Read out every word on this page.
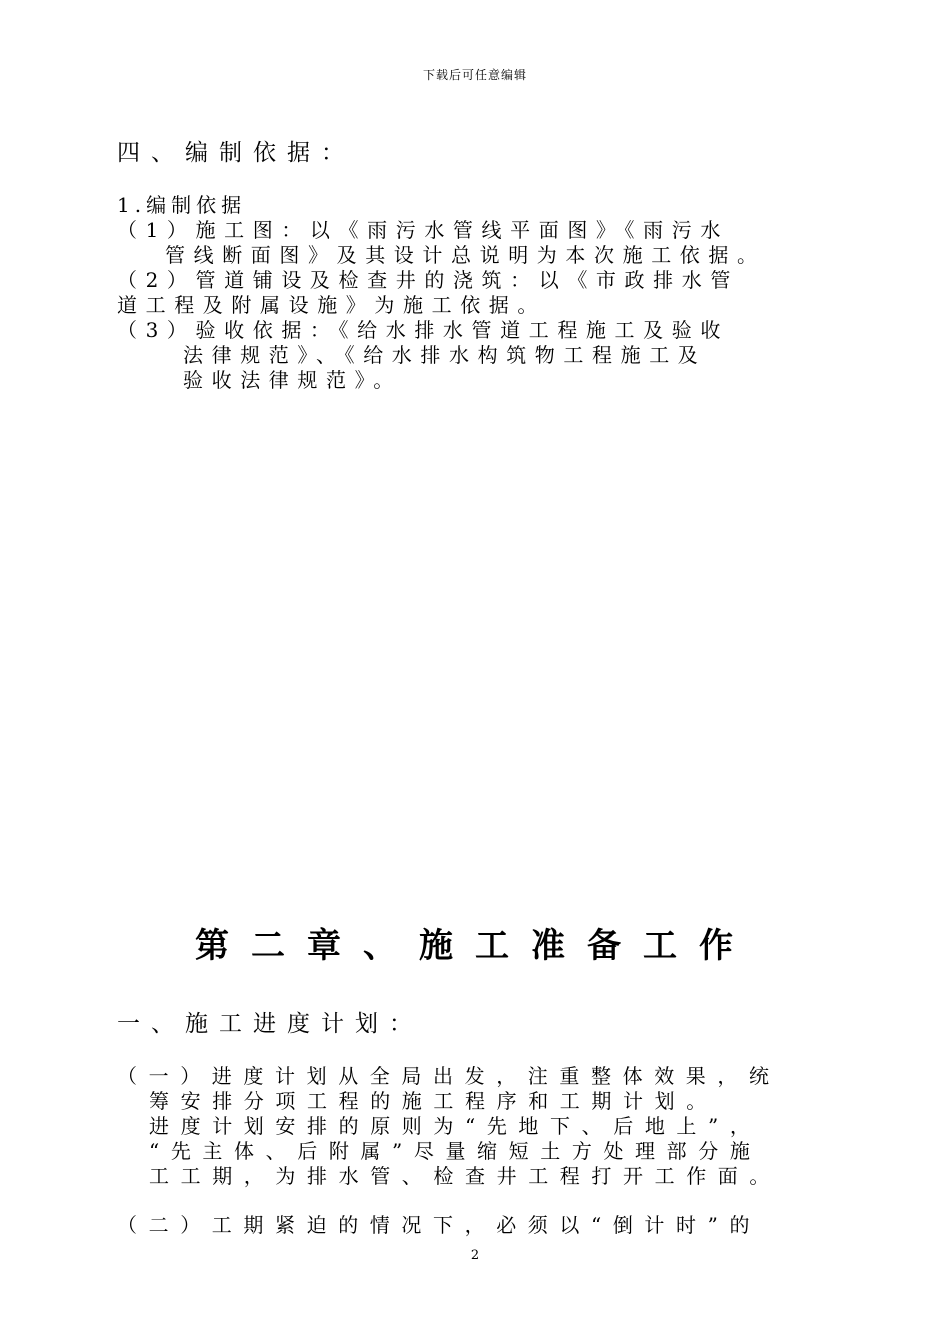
下载后可任意编辑
四、编制依据：
1.编制依据
（1）施工图：以《雨污水管线平面图》《雨污水
管线断面图》及其设计总说明为本次施工依据。
（2）管道铺设及检查井的浇筑：以《市政排水管
道工程及附属设施》为施工依据。
（3）验收依据：《给水排水管道工程施工及验收
法律规范》、《给水排水构筑物工程施工及
验收法律规范》。
第二章、施工准备工作
一、施工进度计划：
（一）进度计划从全局出发，注重整体效果，统
筹安排分项工程的施工程序和工期计划。
进度计划安排的原则为“先地下、后地上”，
“先主体、后附属”尽量缩短土方处理部分施
工工期，为排水管、检查井工程打开工作面。
（二）工期紧迫的情况下，必须以“倒计时”的
2
